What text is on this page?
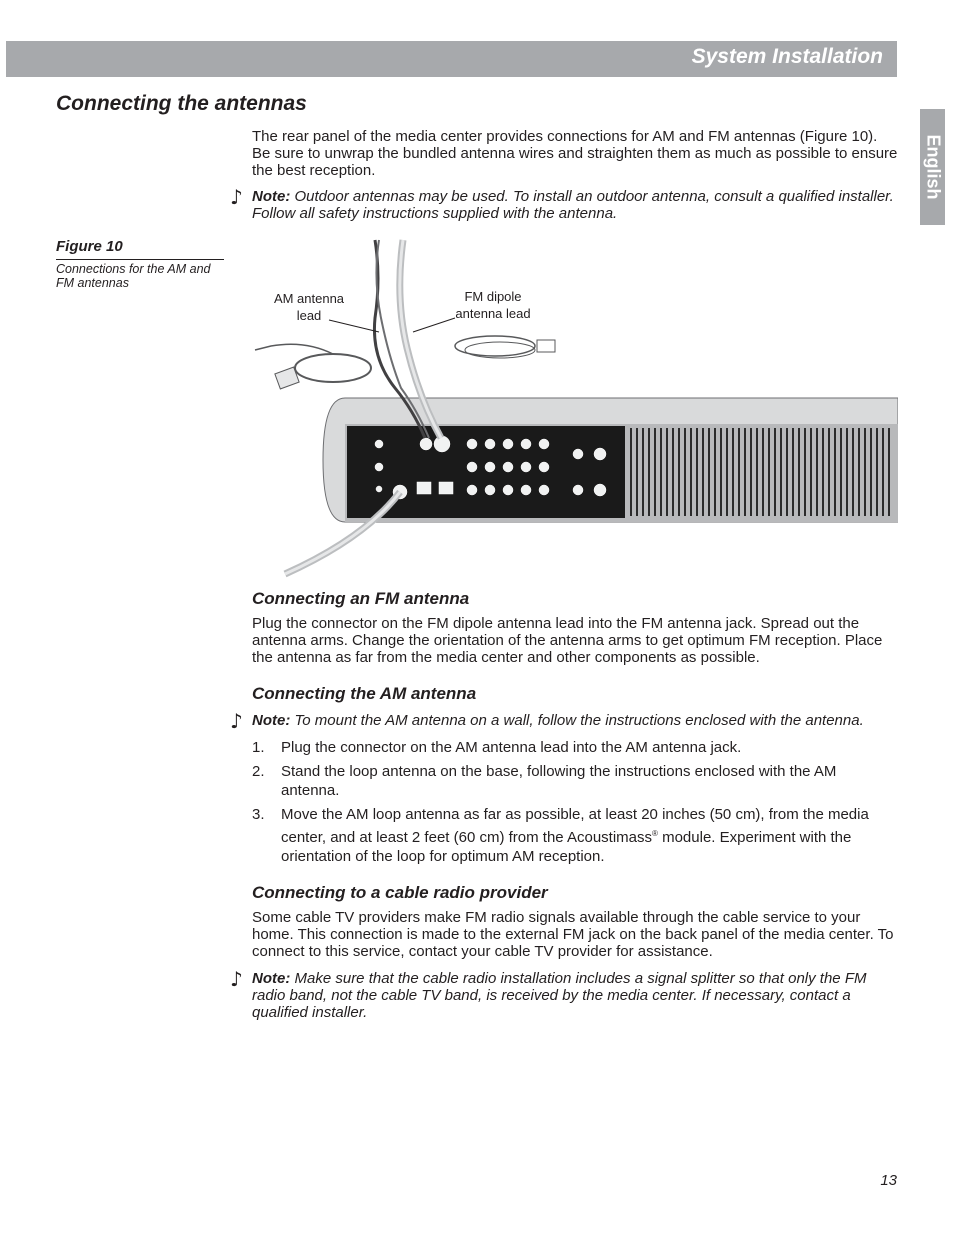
System Installation
English
Connecting the antennas

The rear panel of the media center provides connections for AM and FM antennas (Figure 10). Be sure to unwrap the bundled antenna wires and straighten them as much as possible to ensure the best reception.

♪ Note: Outdoor antennas may be used. To install an outdoor antenna, consult a qualified installer. Follow all safety instructions supplied with the antenna.

Figure 10
Connections for the AM and FM antennas
AM antenna
lead
FM dipole
antenna lead
Connecting an FM antenna

Plug the connector on the FM dipole antenna lead into the FM antenna jack. Spread out the antenna arms. Change the orientation of the antenna arms to get optimum FM reception. Place the antenna as far from the media center and other components as possible.

Connecting the AM antenna
♪ Note: To mount the AM antenna on a wall, follow the instructions enclosed with the antenna.

1. Plug the connector on the AM antenna lead into the AM antenna jack.
2. Stand the loop antenna on the base, following the instructions enclosed with the AM antenna.
3. Move the AM loop antenna as far as possible, at least 20 inches (50 cm), from the media center, and at least 2 feet (60 cm) from the Acoustimass® module. Experiment with the orientation of the loop for optimum AM reception.
Connecting to a cable radio provider

Some cable TV providers make FM radio signals available through the cable service to your home. This connection is made to the external FM jack on the back panel of the media center. To connect to this service, contact your cable TV provider for assistance.

♪ Note: Make sure that the cable radio installation includes a signal splitter so that only the FM radio band, not the cable TV band, is received by the media center. If necessary, contact a qualified installer.

13
